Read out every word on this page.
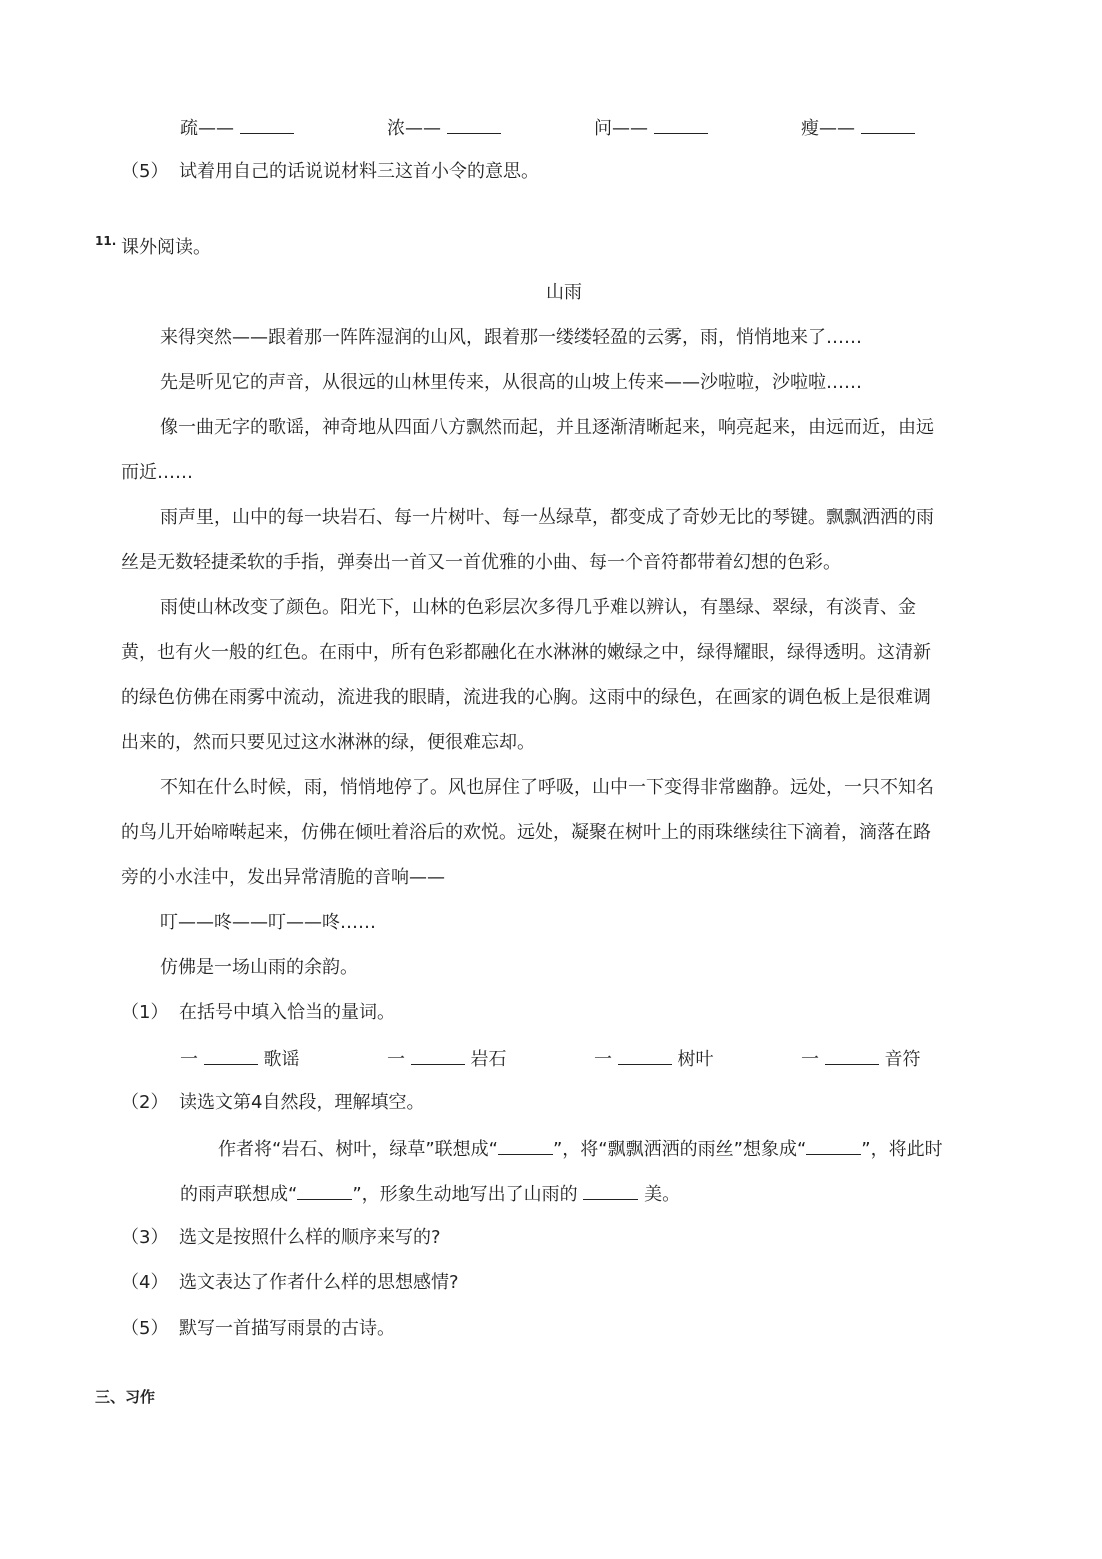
疏——	浓——	问——	瘦——
（5） 试着用自己的话说说材料三这首小令的意思。
11. 课外阅读。
山雨
来得突然——跟着那一阵阵湿润的山风，跟着那一缕缕轻盈的云雾，雨，悄悄地来了……
先是听见它的声音，从很远的山林里传来，从很高的山坡上传来——沙啦啦，沙啦啦……
像一曲无字的歌谣，神奇地从四面八方飘然而起，并且逐渐清晰起来，响亮起来，由远而近，由远
而近……
雨声里，山中的每一块岩石、每一片树叶、每一丛绿草，都变成了奇妙无比的琴键。飘飘洒洒的雨
丝是无数轻捷柔软的手指，弹奏出一首又一首优雅的小曲、每一个音符都带着幻想的色彩。
雨使山林改变了颜色。阳光下，山林的色彩层次多得几乎难以辨认，有墨绿、翠绿，有淡青、金
黄，也有火一般的红色。在雨中，所有色彩都融化在水淋淋的嫩绿之中，绿得耀眼，绿得透明。这清新
的绿色仿佛在雨雾中流动，流进我的眼睛，流进我的心胸。这雨中的绿色，在画家的调色板上是很难调
出来的，然而只要见过这水淋淋的绿，便很难忘却。
不知在什么时候，雨，悄悄地停了。风也屏住了呼吸，山中一下变得非常幽静。远处，一只不知名
的鸟儿开始啼啭起来，仿佛在倾吐着浴后的欢悦。远处，凝聚在树叶上的雨珠继续往下滴着，滴落在路
旁的小水洼中，发出异常清脆的音响——
叮——咚——叮——咚……
仿佛是一场山雨的余韵。
（1） 在括号中填入恰当的量词。
一	歌谣	一	岩石	一	树叶	一	音符
（2） 读选文第4自然段，理解填空。
作者将“岩石、树叶，绿草”联想成“	”，将“飘飘洒洒的雨丝”想象成“	”，将此时
的雨声联想成“	”，形象生动地写出了山雨的	美。
（3） 选文是按照什么样的顺序来写的?
（4） 选文表达了作者什么样的思想感情?
（5） 默写一首描写雨景的古诗。
三、习作
